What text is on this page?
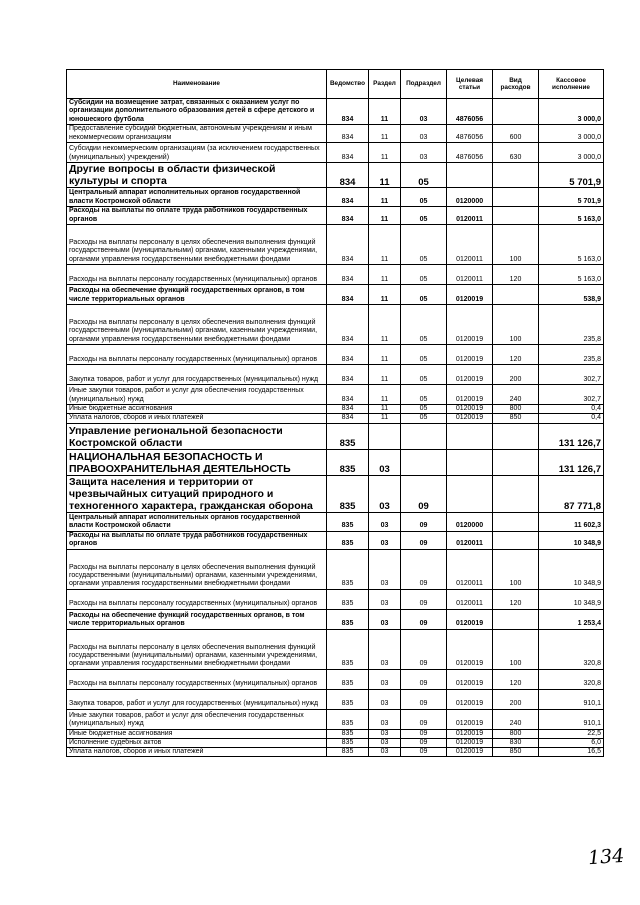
Наименование	Ведомство	Раздел	Подраздел	Целевая статьи	Вид расходов	Кассовое исполнение
Субсидии на возмещение затрат, связанных с оказанием услуг по организации дополнительного образования детей в сфере детского и юношеского футбола	834	11	03	4876056		3 000,0
Предоставление субсидий бюджетным, автономным учреждениям и иным некоммерческим организациям	834	11	03	4876056	600	3 000,0
Субсидии некоммерческим организациям (за исключением государственных (муниципальных) учреждений)	834	11	03	4876056	630	3 000,0
Другие вопросы в области физической культуры и спорта	834	11	05			5 701,9
Центральный аппарат исполнительных органов государственной власти Костромской области	834	11	05	0120000		5 701,9
Расходы на выплаты по оплате труда работников государственных органов	834	11	05	0120011		5 163,0
Расходы на выплаты персоналу в целях обеспечения выполнения функций государственными (муниципальными) органами, казенными учреждениями, органами управления государственными внебюджетными фондами	834	11	05	0120011	100	5 163,0
Расходы на выплаты персоналу государственных (муниципальных) органов	834	11	05	0120011	120	5 163,0
Расходы на обеспечение функций государственных органов, в том числе территориальных органов	834	11	05	0120019		538,9
Расходы на выплаты персоналу в целях обеспечения выполнения функций государственными (муниципальными) органами, казенными учреждениями, органами управления государственными внебюджетными фондами	834	11	05	0120019	100	235,8
Расходы на выплаты персоналу государственных (муниципальных) органов	834	11	05	0120019	120	235,8
Закупка товаров, работ и услуг для государственных (муниципальных) нужд	834	11	05	0120019	200	302,7
Иные закупки товаров, работ и услуг для обеспечения государственных (муниципальных) нужд	834	11	05	0120019	240	302,7
Иные бюджетные ассигнования	834	11	05	0120019	800	0,4
Уплата налогов, сборов и иных платежей	834	11	05	0120019	850	0,4
Управление региональной безопасности Костромской области	835					131 126,7
НАЦИОНАЛЬНАЯ БЕЗОПАСНОСТЬ И ПРАВООХРАНИТЕЛЬНАЯ ДЕЯТЕЛЬНОСТЬ	835	03				131 126,7
Защита населения и территории от чрезвычайных ситуаций природного и техногенного характера, гражданская оборона	835	03	09			87 771,8
Центральный аппарат исполнительных органов государственной власти Костромской области	835	03	09	0120000		11 602,3
Расходы на выплаты по оплате труда работников государственных органов	835	03	09	0120011		10 348,9
Расходы на выплаты персоналу в целях обеспечения выполнения функций государственными (муниципальными) органами, казенными учреждениями, органами управления государственными внебюджетными фондами	835	03	09	0120011	100	10 348,9
Расходы на выплаты персоналу государственных (муниципальных) органов	835	03	09	0120011	120	10 348,9
Расходы на обеспечение функций государственных органов, в том числе территориальных органов	835	03	09	0120019		1 253,4
Расходы на выплаты персоналу в целях обеспечения выполнения функций государственными (муниципальными) органами, казенными учреждениями, органами управления государственными внебюджетными фондами	835	03	09	0120019	100	320,8
Расходы на выплаты персоналу государственных (муниципальных) органов	835	03	09	0120019	120	320,8
Закупка товаров, работ и услуг для государственных (муниципальных) нужд	835	03	09	0120019	200	910,1
Иные закупки товаров, работ и услуг для обеспечения государственных (муниципальных) нужд	835	03	09	0120019	240	910,1
Иные бюджетные ассигнования	835	03	09	0120019	800	22,5
Исполнение судебных актов	835	03	09	0120019	830	6,0
Уплата налогов, сборов и иных платежей	835	03	09	0120019	850	16,5
134
